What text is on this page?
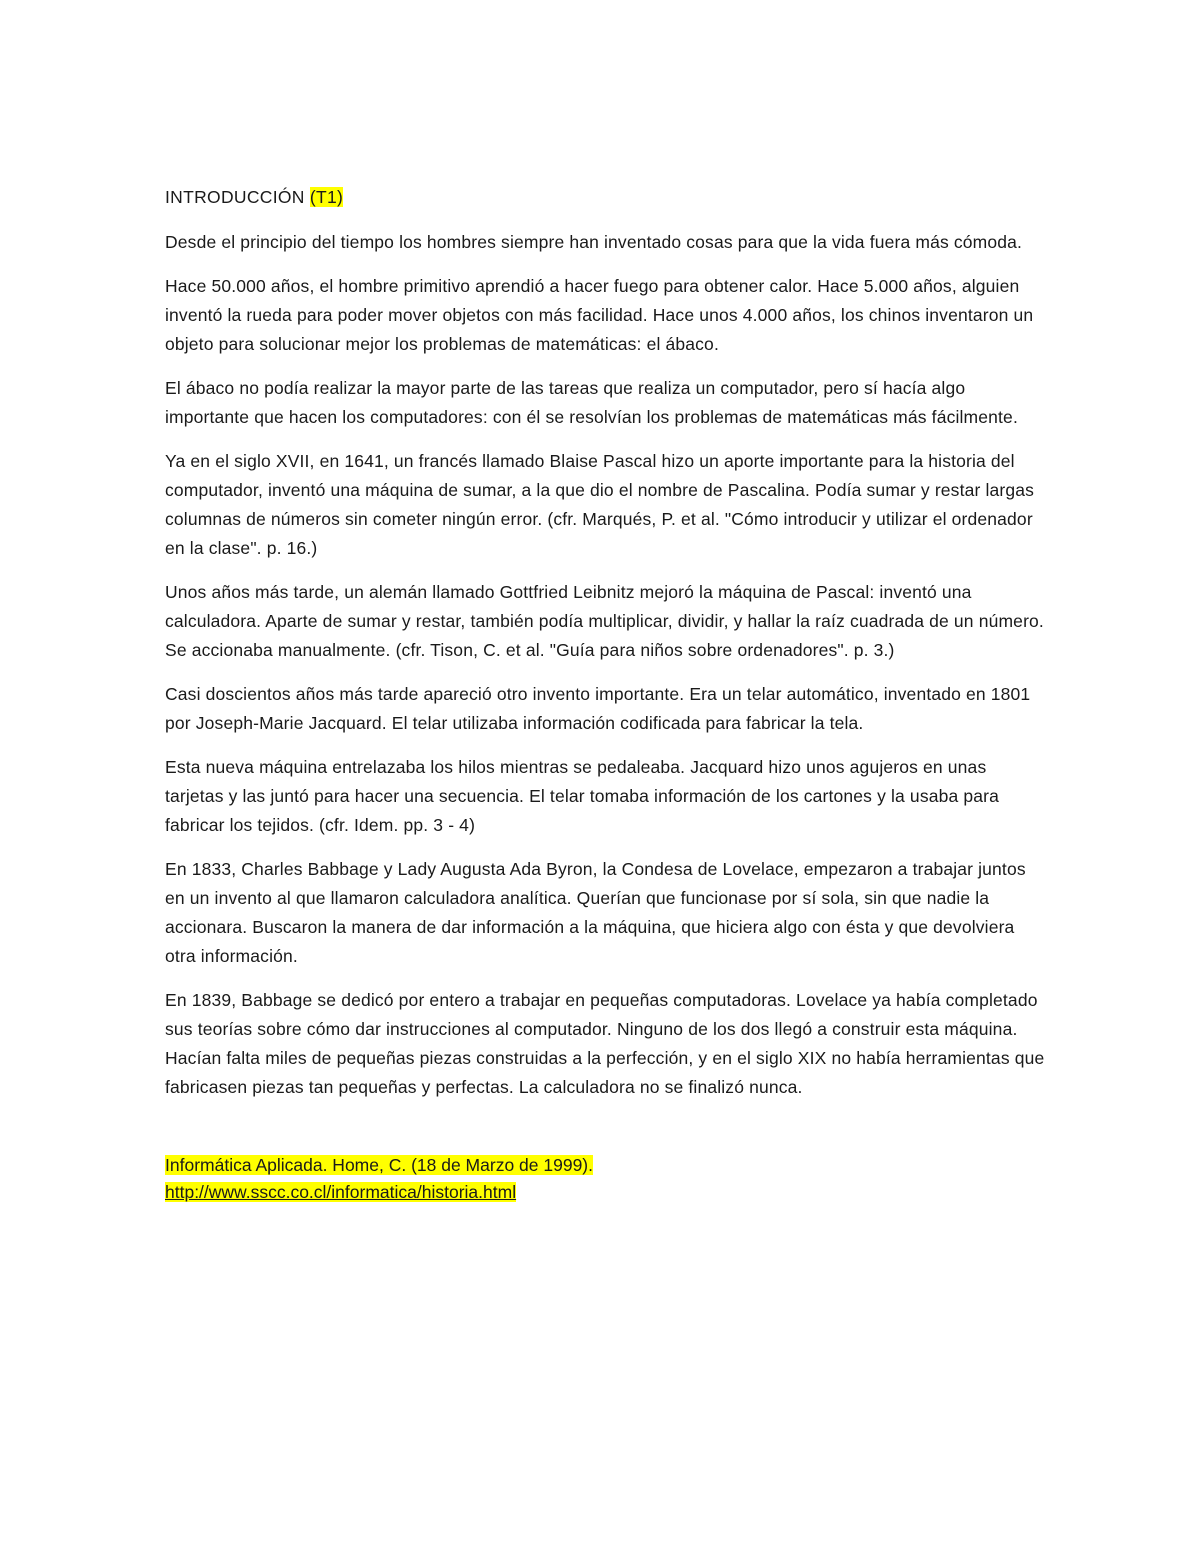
INTRODUCCIÓN (T1)

Desde el principio del tiempo los hombres siempre han inventado cosas para que la vida fuera más cómoda.

Hace 50.000 años, el hombre primitivo aprendió a hacer fuego para obtener calor. Hace 5.000 años, alguien inventó la rueda para poder mover objetos con más facilidad. Hace unos 4.000 años, los chinos inventaron un objeto para solucionar mejor los problemas de matemáticas: el ábaco.

El ábaco no podía realizar la mayor parte de las tareas que realiza un computador, pero sí hacía algo importante que hacen los computadores: con él se resolvían los problemas de matemáticas más fácilmente.

Ya en el siglo XVII, en 1641, un francés llamado Blaise Pascal hizo un aporte importante para la historia del computador, inventó una máquina de sumar, a la que dio el nombre de Pascalina. Podía sumar y restar largas columnas de números sin cometer ningún error. (cfr. Marqués, P. et al. "Cómo introducir y utilizar el ordenador en la clase". p. 16.)

Unos años más tarde, un alemán llamado Gottfried Leibnitz mejoró la máquina de Pascal: inventó una calculadora. Aparte de sumar y restar, también podía multiplicar, dividir, y hallar la raíz cuadrada de un número. Se accionaba manualmente. (cfr. Tison, C. et al. "Guía para niños sobre ordenadores". p. 3.)

Casi doscientos años más tarde apareció otro invento importante. Era un telar automático, inventado en 1801 por Joseph-Marie Jacquard. El telar utilizaba información codificada para fabricar la tela.

Esta nueva máquina entrelazaba los hilos mientras se pedaleaba. Jacquard hizo unos agujeros en unas tarjetas y las juntó para hacer una secuencia. El telar tomaba información de los cartones y la usaba para fabricar los tejidos. (cfr. Idem. pp. 3 - 4)

En 1833, Charles Babbage y Lady Augusta Ada Byron, la Condesa de Lovelace, empezaron a trabajar juntos en un invento al que llamaron calculadora analítica. Querían que funcionase por sí sola, sin que nadie la accionara. Buscaron la manera de dar información a la máquina, que hiciera algo con ésta y que devolviera otra información.

En 1839, Babbage se dedicó por entero a trabajar en pequeñas computadoras. Lovelace ya había completado sus teorías sobre cómo dar instrucciones al computador. Ninguno de los dos llegó a construir esta máquina. Hacían falta miles de pequeñas piezas construidas a la perfección, y en el siglo XIX no había herramientas que fabricasen piezas tan pequeñas y perfectas. La calculadora no se finalizó nunca.

Informática Aplicada. Home, C. (18 de Marzo de 1999).
http://www.sscc.co.cl/informatica/historia.html
